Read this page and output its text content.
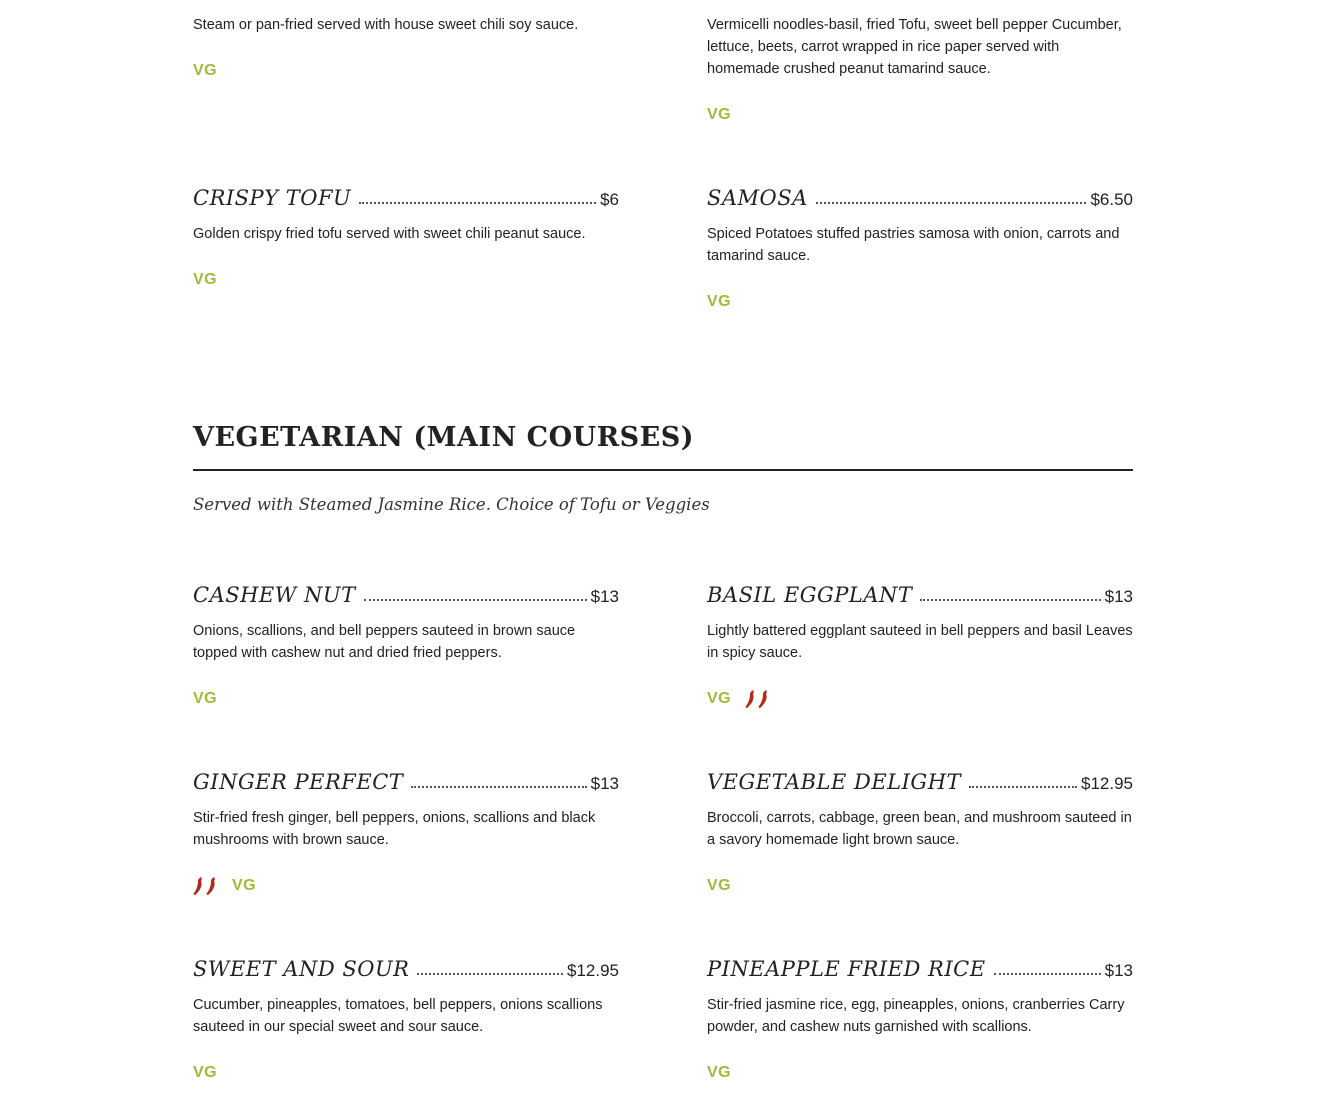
Steam or pan-fried served with house sweet chili soy sauce.

VG

Vermicelli noodles-basil, fried Tofu, sweet bell pepper Cucumber, lettuce, beets, carrot wrapped in rice paper served with homemade crushed peanut tamarind sauce.

VG
CRISPY TOFU	$6

Golden crispy fried tofu served with sweet chili peanut sauce.

VG
SAMOSA	$6.50

Spiced Potatoes stuffed pastries samosa with onion, carrots and tamarind sauce.

VG
VEGETARIAN (MAIN COURSES)

Served with Steamed Jasmine Rice. Choice of Tofu or Veggies

CASHEW NUT	$13

Onions, scallions, and bell peppers sauteed in brown sauce topped with cashew nut and dried fried peppers.

VG
BASIL EGGPLANT	$13

Lightly battered eggplant sauteed in bell peppers and basil Leaves in spicy sauce.

VG
GINGER PERFECT	$13

Stir-fried fresh ginger, bell peppers, onions, scallions and black mushrooms with brown sauce.

VG
VEGETABLE DELIGHT	$12.95

Broccoli, carrots, cabbage, green bean, and mushroom sauteed in a savory homemade light brown sauce.

VG
SWEET AND SOUR	$12.95

Cucumber, pineapples, tomatoes, bell peppers, onions scallions sauteed in our special sweet and sour sauce.

VG
PINEAPPLE FRIED RICE	$13

Stir-fried jasmine rice, egg, pineapples, onions, cranberries Carry powder, and cashew nuts garnished with scallions.

VG
